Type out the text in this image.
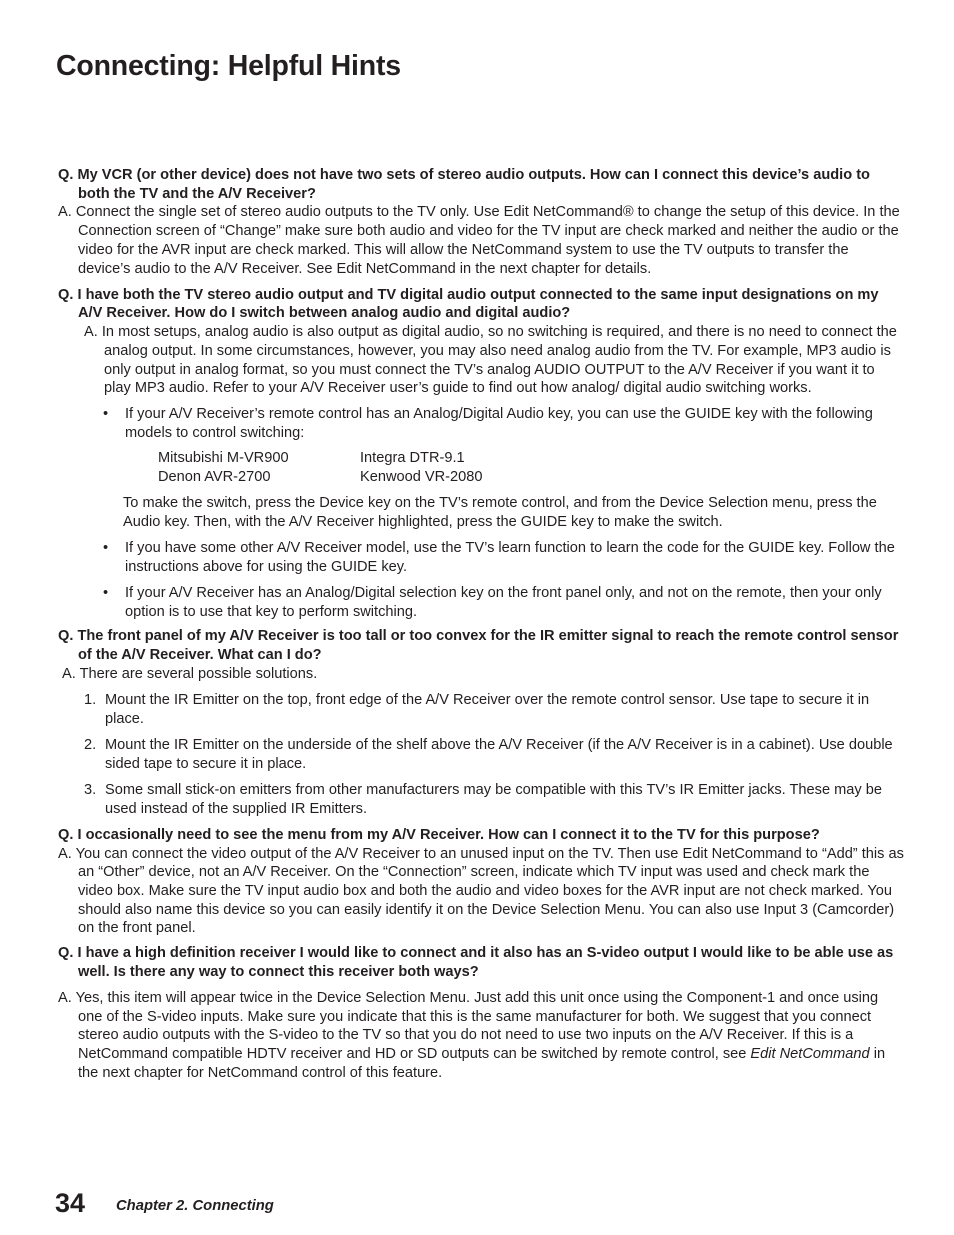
Connecting: Helpful Hints

Q. My VCR (or other device) does not have two sets of stereo audio outputs. How can I connect this device’s audio to both the TV and the A/V Receiver?

A. Connect the single set of stereo audio outputs to the TV only. Use Edit NetCommand® to change the setup of this device. In the Connection screen of “Change” make sure both audio and video for the TV input are check marked and neither the audio or the video for the AVR input are check marked. This will allow the NetCommand system to use the TV outputs to transfer the device’s audio to the A/V Receiver. See Edit NetCommand in the next chapter for details.

Q. I have both the TV stereo audio output and TV digital audio output connected to the same input designations on my A/V Receiver. How do I switch between analog audio and digital audio?

A. In most setups, analog audio is also output as digital audio, so no switching is required, and there is no need to connect the analog output. In some circumstances, however, you may also need analog audio from the TV. For example, MP3 audio is only output in analog format, so you must connect the TV’s analog AUDIO OUTPUT to the A/V Receiver if you want it to play MP3 audio. Refer to your A/V Receiver user’s guide to find out how analog/ digital audio switching works.

• If your A/V Receiver’s remote control has an Analog/Digital Audio key, you can use the GUIDE key with the following models to control switching:

Mitsubishi M-VR900	Integra DTR-9.1
Denon AVR-2700	Kenwood VR-2080

To make the switch, press the Device key on the TV’s remote control, and from the Device Selection menu, press the Audio key. Then, with the A/V Receiver highlighted, press the GUIDE key to make the switch.

• If you have some other A/V Receiver model, use the TV’s learn function to learn the code for the GUIDE key. Follow the instructions above for using the GUIDE key.

• If your A/V Receiver has an Analog/Digital selection key on the front panel only, and not on the remote, then your only option is to use that key to perform switching.

Q. The front panel of my A/V Receiver is too tall or too convex for the IR emitter signal to reach the remote control sensor of the A/V Receiver. What can I do?

A. There are several possible solutions.

1. Mount the IR Emitter on the top, front edge of the A/V Receiver over the remote control sensor. Use tape to secure it in place.

2. Mount the IR Emitter on the underside of the shelf above the A/V Receiver (if the A/V Receiver is in a cabinet). Use double sided tape to secure it in place.

3. Some small stick-on emitters from other manufacturers may be compatible with this TV’s IR Emitter jacks. These may be used instead of the supplied IR Emitters.

Q. I occasionally need to see the menu from my A/V Receiver. How can I connect it to the TV for this purpose?

A. You can connect the video output of the A/V Receiver to an unused input on the TV. Then use Edit NetCommand to “Add” this as an “Other” device, not an A/V Receiver. On the “Connection” screen, indicate which TV input was used and check mark the video box. Make sure the TV input audio box and both the audio and video boxes for the AVR input are not check marked. You should also name this device so you can easily identify it on the Device Selection Menu. You can also use Input 3 (Camcorder) on the front panel.

Q. I have a high definition receiver I would like to connect and it also has an S-video output I would like to be able use as well. Is there any way to connect this receiver both ways?

A. Yes, this item will appear twice in the Device Selection Menu. Just add this unit once using the Component-1 and once using one of the S-video inputs. Make sure you indicate that this is the same manufacturer for both. We suggest that you connect stereo audio outputs with the S-video to the TV so that you do not need to use two inputs on the A/V Receiver. If this is a NetCommand compatible HDTV receiver and HD or SD outputs can be switched by remote control, see Edit NetCommand in the next chapter for NetCommand control of this feature.

34 Chapter 2. Connecting
